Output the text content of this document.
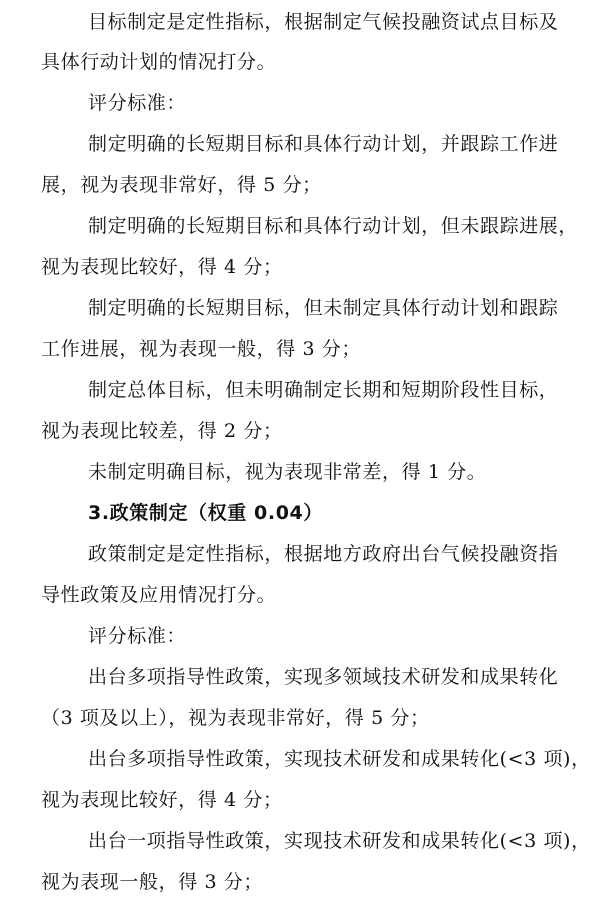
目标制定是定性指标，根据制定气候投融资试点目标及
具体行动计划的情况打分。
评分标准：
制定明确的长短期目标和具体行动计划，并跟踪工作进
展，视为表现非常好，得 5 分；
制定明确的长短期目标和具体行动计划，但未跟踪进展，
视为表现比较好，得 4 分；
制定明确的长短期目标，但未制定具体行动计划和跟踪
工作进展，视为表现一般，得 3 分；
制定总体目标，但未明确制定长期和短期阶段性目标，
视为表现比较差，得 2 分；
未制定明确目标，视为表现非常差，得 1 分。
3.政策制定（权重 0.04）
政策制定是定性指标，根据地方政府出台气候投融资指
导性政策及应用情况打分。
评分标准：
出台多项指导性政策，实现多领域技术研发和成果转化
（3 项及以上），视为表现非常好，得 5 分；
出台多项指导性政策，实现技术研发和成果转化(<3 项)，
视为表现比较好，得 4 分；
出台一项指导性政策，实现技术研发和成果转化(<3 项)，
视为表现一般，得 3 分；
